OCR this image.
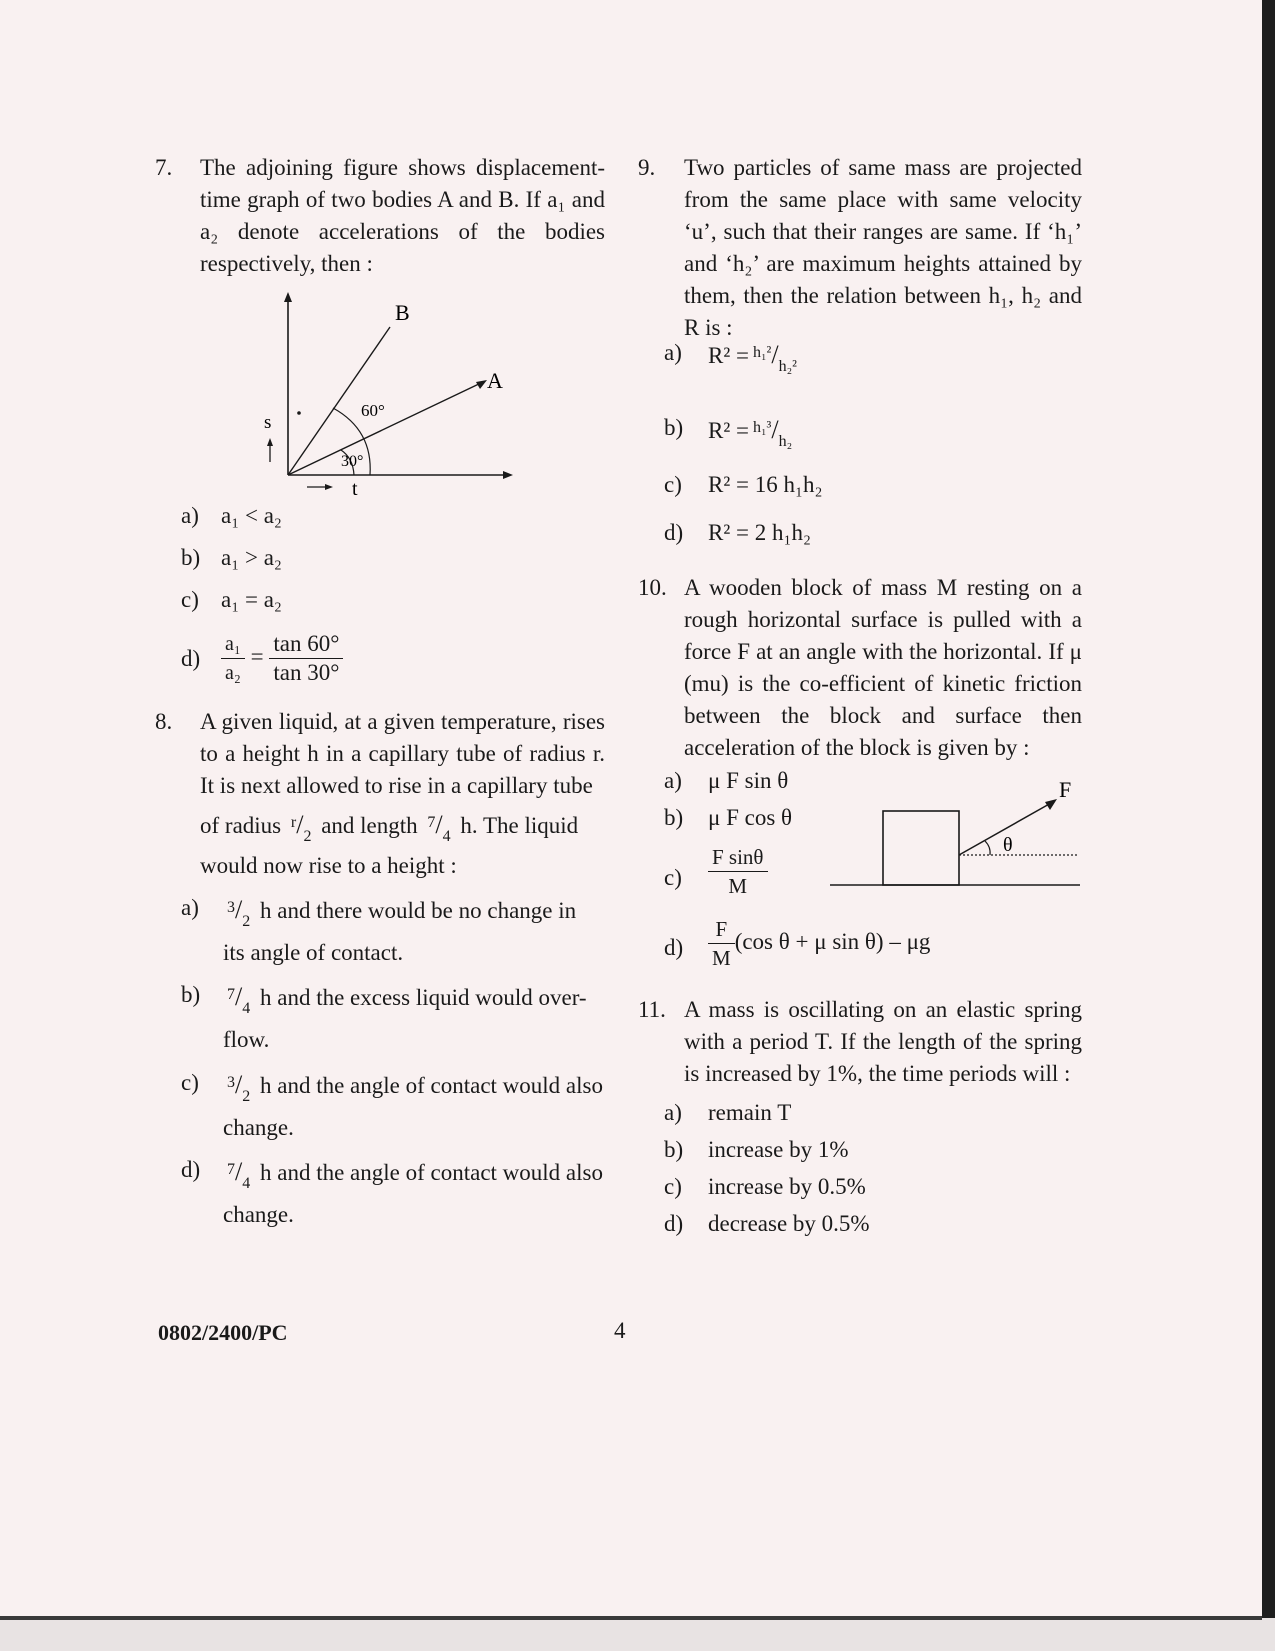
7. The adjoining figure shows displacement-time graph of two bodies A and B. If a₁ and a₂ denote accelerations of the bodies respectively, then :
B
A
60°
30°
s
t
a) a₁ < a₂
b) a₁ > a₂
c) a₁ = a₂
$d) \frac{\text{a₁}}{\text{a₂}} = \frac{\tan 60^\circ}{\tan 30^\circ}$
8. A given liquid, at a given temperature, rises to a height h in a capillary tube of radius r. It is next allowed to rise in a capillary tube
of radius $^r/_2$ and length $^7/_4$ h. The liquid
would now rise to a height :
a) $^3/_2$ h and there would be no change in
its angle of contact.
b) $^7/_4$ h and the excess liquid would over-
flow.
c) $^3/_2$ h and the angle of contact would also
change.
d) $^7/_4$ h and the angle of contact would also
change.
9. Two particles of same mass are projected from the same place with same velocity ‘u’, such that their ranges are same. If ‘h₁’ and ‘h₂’ are maximum heights attained by them, then the relation between h₁, h₂ and R is :
a) $R^2 = ^{h_1^2}/_{h_2^2}$
b) $R^2 = ^{h_1^3}/_{h_2}$
c) R² = 16 h₁h₂
d) R² = 2 h₁h₂
10. A wooden block of mass M resting on a rough horizontal surface is pulled with a force F at an angle with the horizontal. If μ (mu) is the co-efficient of kinetic friction between the block and surface then acceleration of the block is given by :
a) μ F sin θ
b) μ F cos θ
$c) \frac{\text{F sinθ}}{M}$
$d) \frac{F}{M} (\cos$ θ + μ sin θ) – μg
θ
F
11. A mass is oscillating on an elastic spring with a period T. If the length of the spring is increased by 1%, the time periods will :
a) remain T
b) increase by 1%
c) increase by 0.5%
d) decrease by 0.5%
0802/2400/PC	4
